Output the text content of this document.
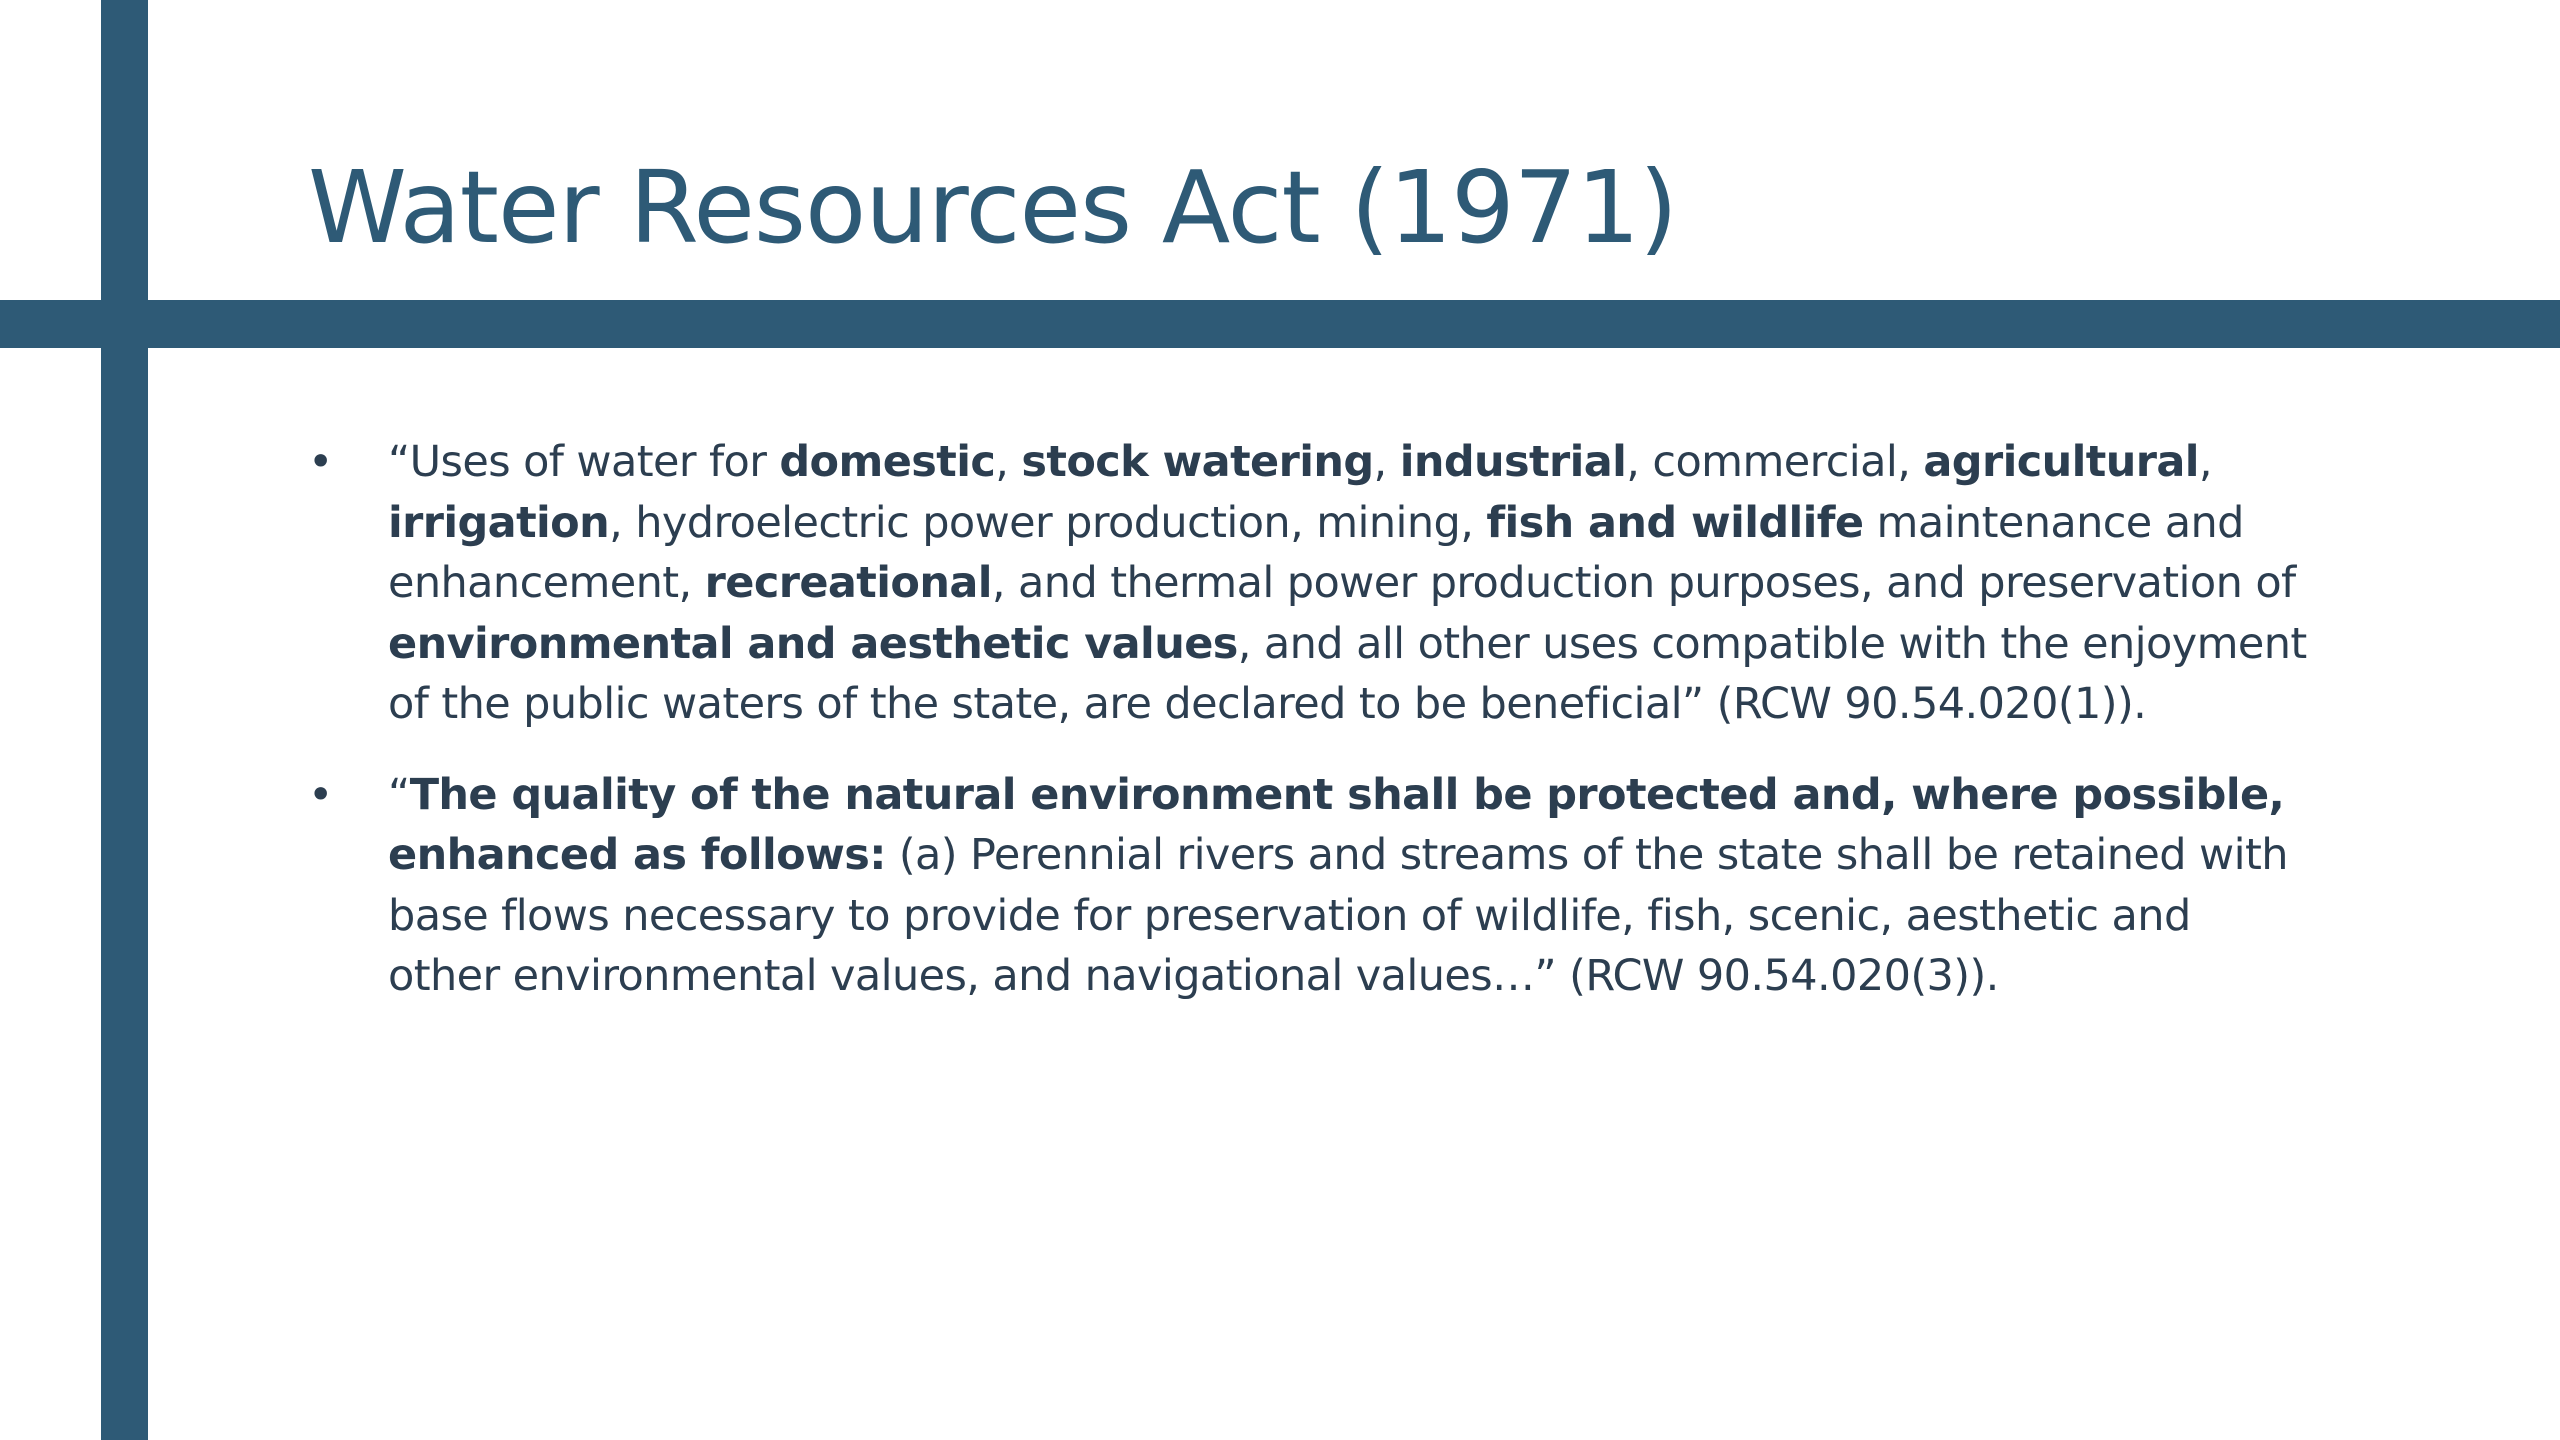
Water Resources Act (1971)
• “Uses of water for domestic, stock watering, industrial, commercial, agricultural, irrigation, hydroelectric power production, mining, fish and wildlife maintenance and enhancement, recreational, and thermal power production purposes, and preservation of environmental and aesthetic values, and all other uses compatible with the enjoyment of the public waters of the state, are declared to be beneficial” (RCW 90.54.020(1)).
• “The quality of the natural environment shall be protected and, where possible, enhanced as follows: (a) Perennial rivers and streams of the state shall be retained with base flows necessary to provide for preservation of wildlife, fish, scenic, aesthetic and other environmental values, and navigational values…” (RCW 90.54.020(3)).
